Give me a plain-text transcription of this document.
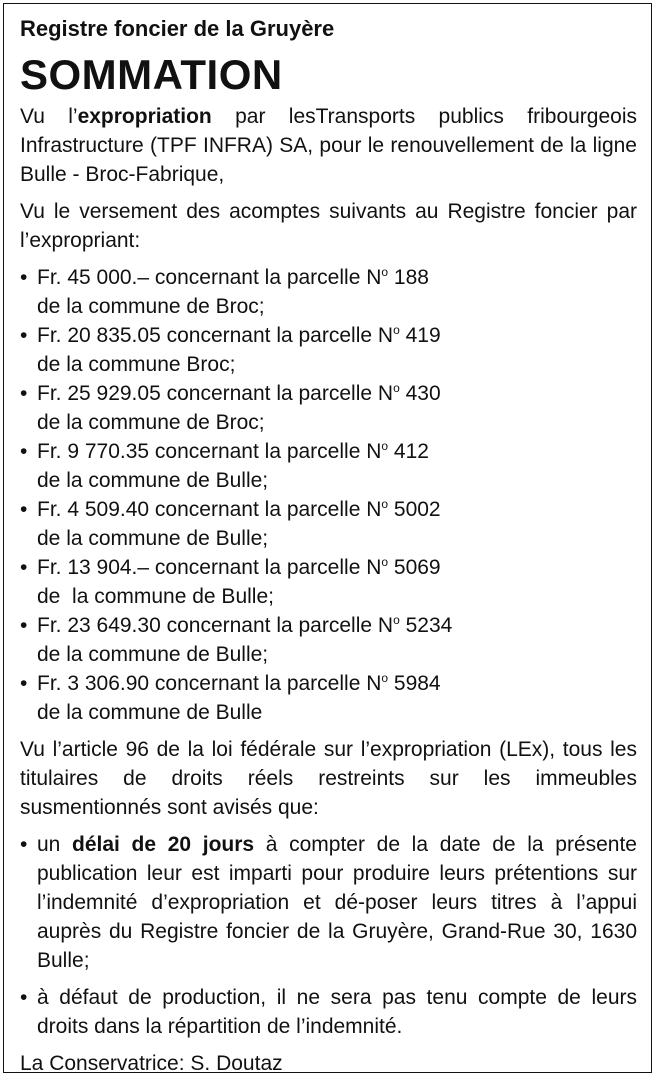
Registre foncier de la Gruyère

SOMMATION

Vu l’expropriation par lesTransports publics fribourgeois Infrastructure (TPF INFRA) SA, pour le renouvellement de la ligne Bulle - Broc-Fabrique,

Vu le versement des acomptes suivants au Registre foncier par l’expropriant:

• Fr. 45 000.– concernant la parcelle $N^o$ 188
de la commune de Broc;
• Fr. 20 835.05 concernant la parcelle $N^o$ 419
de la commune Broc;
• Fr. 25 929.05 concernant la parcelle $N^o$ 430
de la commune de Broc;
• Fr. 9 770.35 concernant la parcelle $N^o$ 412
de la commune de Bulle;
• Fr. 4 509.40 concernant la parcelle $N^o$ 5002
de la commune de Bulle;
• Fr. 13 904.– concernant la parcelle $N^o$ 5069
de  la commune de Bulle;
• Fr. 23 649.30 concernant la parcelle $N^o$ 5234
de la commune de Bulle;
• Fr. 3 306.90 concernant la parcelle $N^o$ 5984
de la commune de Bulle

Vu l’article 96 de la loi fédérale sur l’expropriation (LEx), tous les titulaires de droits réels restreints sur les immeubles susmentionnés sont avisés que:

• un délai de 20 jours à compter de la date de la présente publication leur est imparti pour produire leurs prétentions sur l’indemnité d’expropriation et dé-poser leurs titres à l’appui auprès du Registre foncier de la Gruyère, Grand-Rue 30, 1630 Bulle;
• à défaut de production, il ne sera pas tenu compte de leurs droits dans la répartition de l’indemnité.

La Conservatrice: S. Doutaz
